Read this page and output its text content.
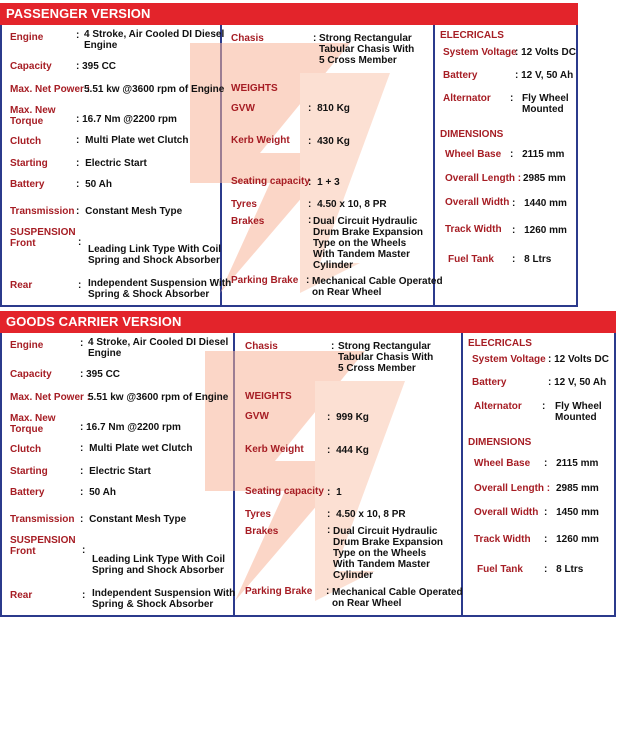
PASSENGER VERSION
Engine	: 4 Stroke, Air Cooled DI Diesel
Engine
Capacity : 395 CC
Max. Net Power :
5.51 kw @3600 rpm of Engine
Max. New
Torque	: 16.7 Nm @2200 rpm
Clutch	: Multi Plate wet Clutch
Starting	: Electric Start
Battery	: 50 Ah
Transmission : Constant Mesh Type
SUSPENSION
Front	:
Leading Link Type With Coil
Spring and Shock Absorber
Rear	: Independent Suspension With
Spring & Shock Absorber
Chasis	: Strong Rectangular
Tabular Chasis With
5 Cross Member
WEIGHTS
GVW	: 810 Kg
Kerb Weight : 430 Kg
Seating capacity
: 1 + 3
Tyres	: 4.50 x 10, 8 PR
Brakes	: Dual Circuit Hydraulic
Drum Brake Expansion
Type on the Wheels
With Tandem Master
Cylinder
Parking Brake : Mechanical Cable Operated
on Rear Wheel
ELECRICALS
System Voltage
: 12 Volts DC
Battery	: 12 V, 50 Ah
Alternator : Fly Wheel
Mounted
DIMENSIONS
Wheel Base : 2115 mm
Overall Length : 2985 mm
Overall Width : 1440 mm
Track Width : 1260 mm
Fuel Tank : 8 Ltrs
GOODS CARRIER VERSION
Engine	: 4 Stroke, Air Cooled DI Diesel
Engine
Capacity	: 395 CC
Max. Net Power :
5.51 kw @3600 rpm of Engine
Max. New
Torque	: 16.7 Nm @2200 rpm
Clutch	: Multi Plate wet Clutch
Starting	: Electric Start
Battery	: 50 Ah
Transmission : Constant Mesh Type
SUSPENSION
Front	:
Leading Link Type With Coil
Spring and Shock Absorber
Rear	: Independent Suspension With
Spring & Shock Absorber
Chasis	: Strong Rectangular
Tabular Chasis With
5 Cross Member
WEIGHTS
GVW	: 999 Kg
Kerb Weight : 444 Kg
Seating capacity : 1
Tyres	: 4.50 x 10, 8 PR
Brakes	: Dual Circuit Hydraulic
Drum Brake Expansion
Type on the Wheels
With Tandem Master
Cylinder
Parking Brake : Mechanical Cable Operated
on Rear Wheel
ELECRICALS
System Voltage : 12 Volts DC
Battery	: 12 V, 50 Ah
Alternator : Fly Wheel
Mounted
DIMENSIONS
Wheel Base : 2115 mm
Overall Length : 2985 mm
Overall Width : 1450 mm
Track Width : 1260 mm
Fuel Tank : 8 Ltrs
